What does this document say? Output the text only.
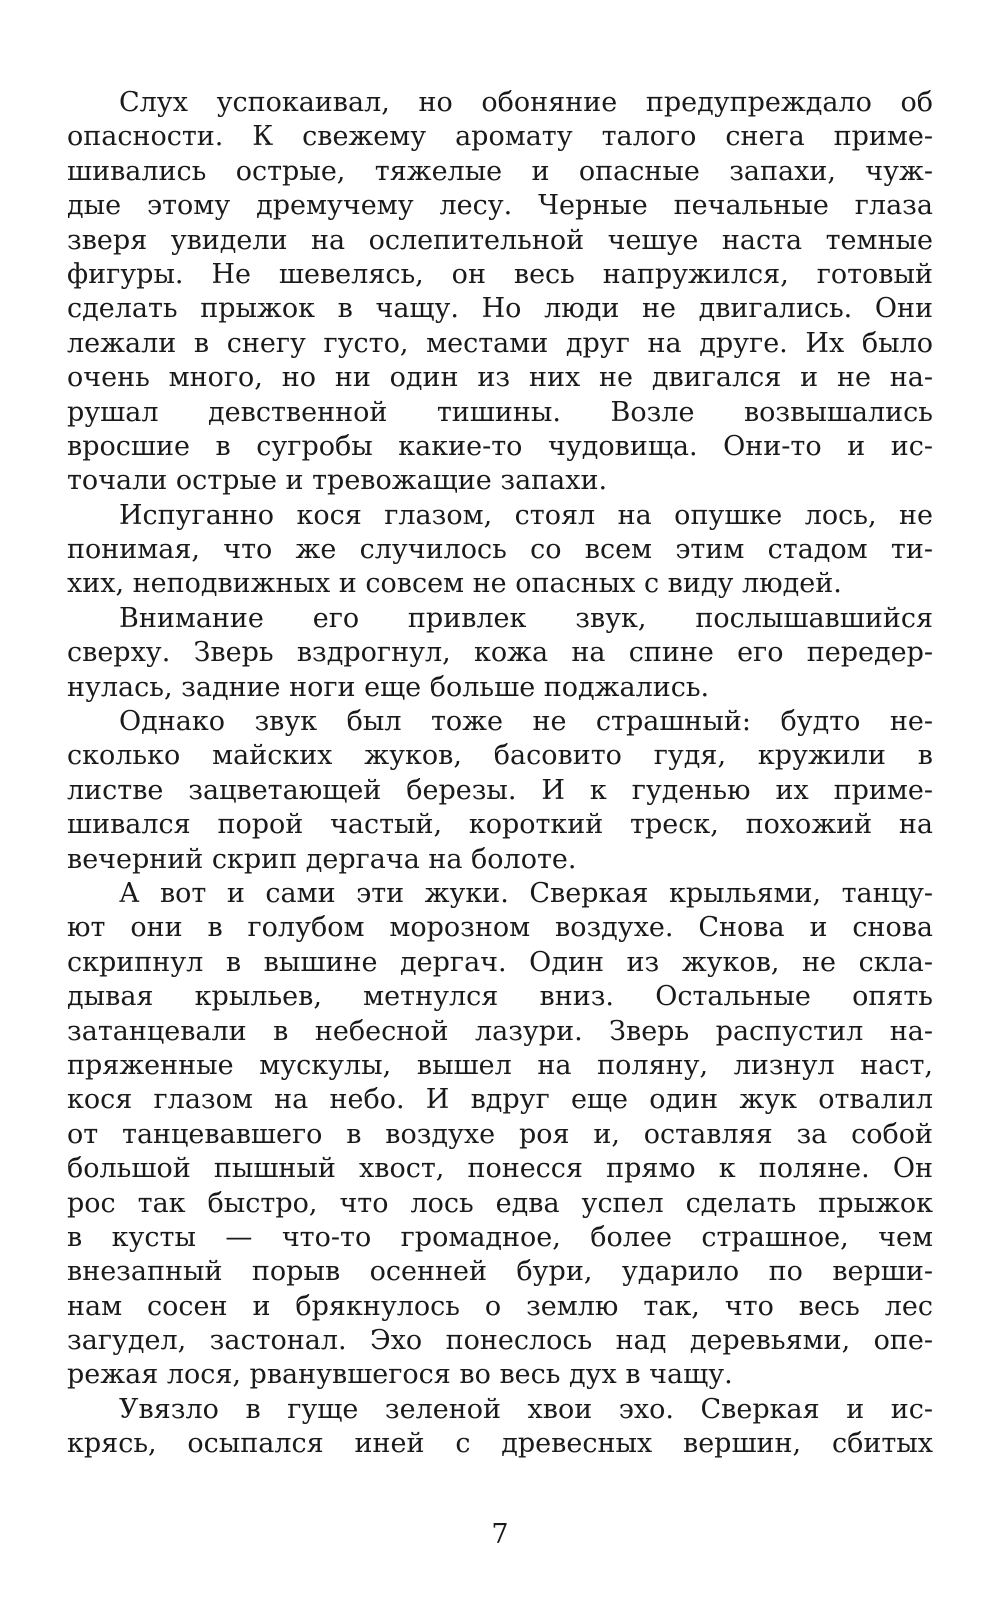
Слух успокаивал, но обоняние предупреждало об
опасности. К свежему аромату талого снега приме-
шивались острые, тяжелые и опасные запахи, чуж-
дые этому дремучему лесу. Черные печальные глаза
зверя увидели на ослепительной чешуе наста темные
фигуры. Не шевелясь, он весь напружился, готовый
сделать прыжок в чащу. Но люди не двигались. Они
лежали в снегу густо, местами друг на друге. Их было
очень много, но ни один из них не двигался и не на-
рушал девственной тишины. Возле возвышались
вросшие в сугробы какие-то чудовища. Они-то и ис-
точали острые и тревожащие запахи.
Испуганно кося глазом, стоял на опушке лось, не
понимая, что же случилось со всем этим стадом ти-
хих, неподвижных и совсем не опасных с виду людей.
Внимание его привлек звук, послышавшийся
сверху. Зверь вздрогнул, кожа на спине его передер-
нулась, задние ноги еще больше поджались.
Однако звук был тоже не страшный: будто не-
сколько майских жуков, басовито гудя, кружили в
листве зацветающей березы. И к гуденью их приме-
шивался порой частый, короткий треск, похожий на
вечерний скрип дергача на болоте.
А вот и сами эти жуки. Сверкая крыльями, танцу-
ют они в голубом морозном воздухе. Снова и снова
скрипнул в вышине дергач. Один из жуков, не скла-
дывая крыльев, метнулся вниз. Остальные опять
затанцевали в небесной лазури. Зверь распустил на-
пряженные мускулы, вышел на поляну, лизнул наст,
кося глазом на небо. И вдруг еще один жук отвалил
от танцевавшего в воздухе роя и, оставляя за собой
большой пышный хвост, понесся прямо к поляне. Он
рос так быстро, что лось едва успел сделать прыжок
в кусты — что-то громадное, более страшное, чем
внезапный порыв осенней бури, ударило по верши-
нам сосен и брякнулось о землю так, что весь лес
загудел, застонал. Эхо понеслось над деревьями, опе-
режая лося, рванувшегося во весь дух в чащу.
Увязло в гуще зеленой хвои эхо. Сверкая и ис-
крясь, осыпался иней с древесных вершин, сбитых
7
